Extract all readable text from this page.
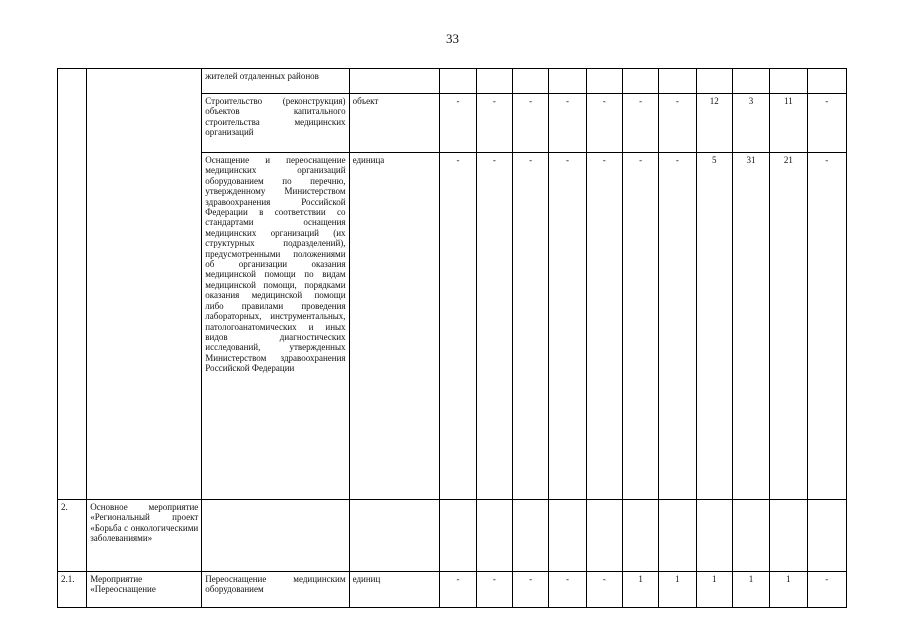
33
		жителей отдаленных районов												
		Строительство (реконструкция) объектов капитального строительства медицинских организаций	объект	-	-	-	-	-	-	-	12	3	11	-
		Оснащение и переоснащение медицинских организаций оборудованием по перечню, утвержденному Министерством здравоохранения Российской Федерации в соответствии со стандартами оснащения медицинских организаций (их структурных подразделений), предусмотренными положениями об организации оказания медицинской помощи по видам медицинской помощи, порядками оказания медицинской помощи либо правилами проведения лабораторных, инструментальных, патологоанатомических и иных видов диагностических исследований, утвержденных Министерством здравоохранения Российской Федерации	единица	-	-	-	-	-	-	-	5	31	21	-
2.	Основное мероприятие «Региональный проект «Борьба с онкологическими заболеваниями»													
2.1.	Мероприятие «Переоснащение	Переоснащение медицинским оборудованием	единиц	-	-	-	-	-	1	1	1	1	1	-
